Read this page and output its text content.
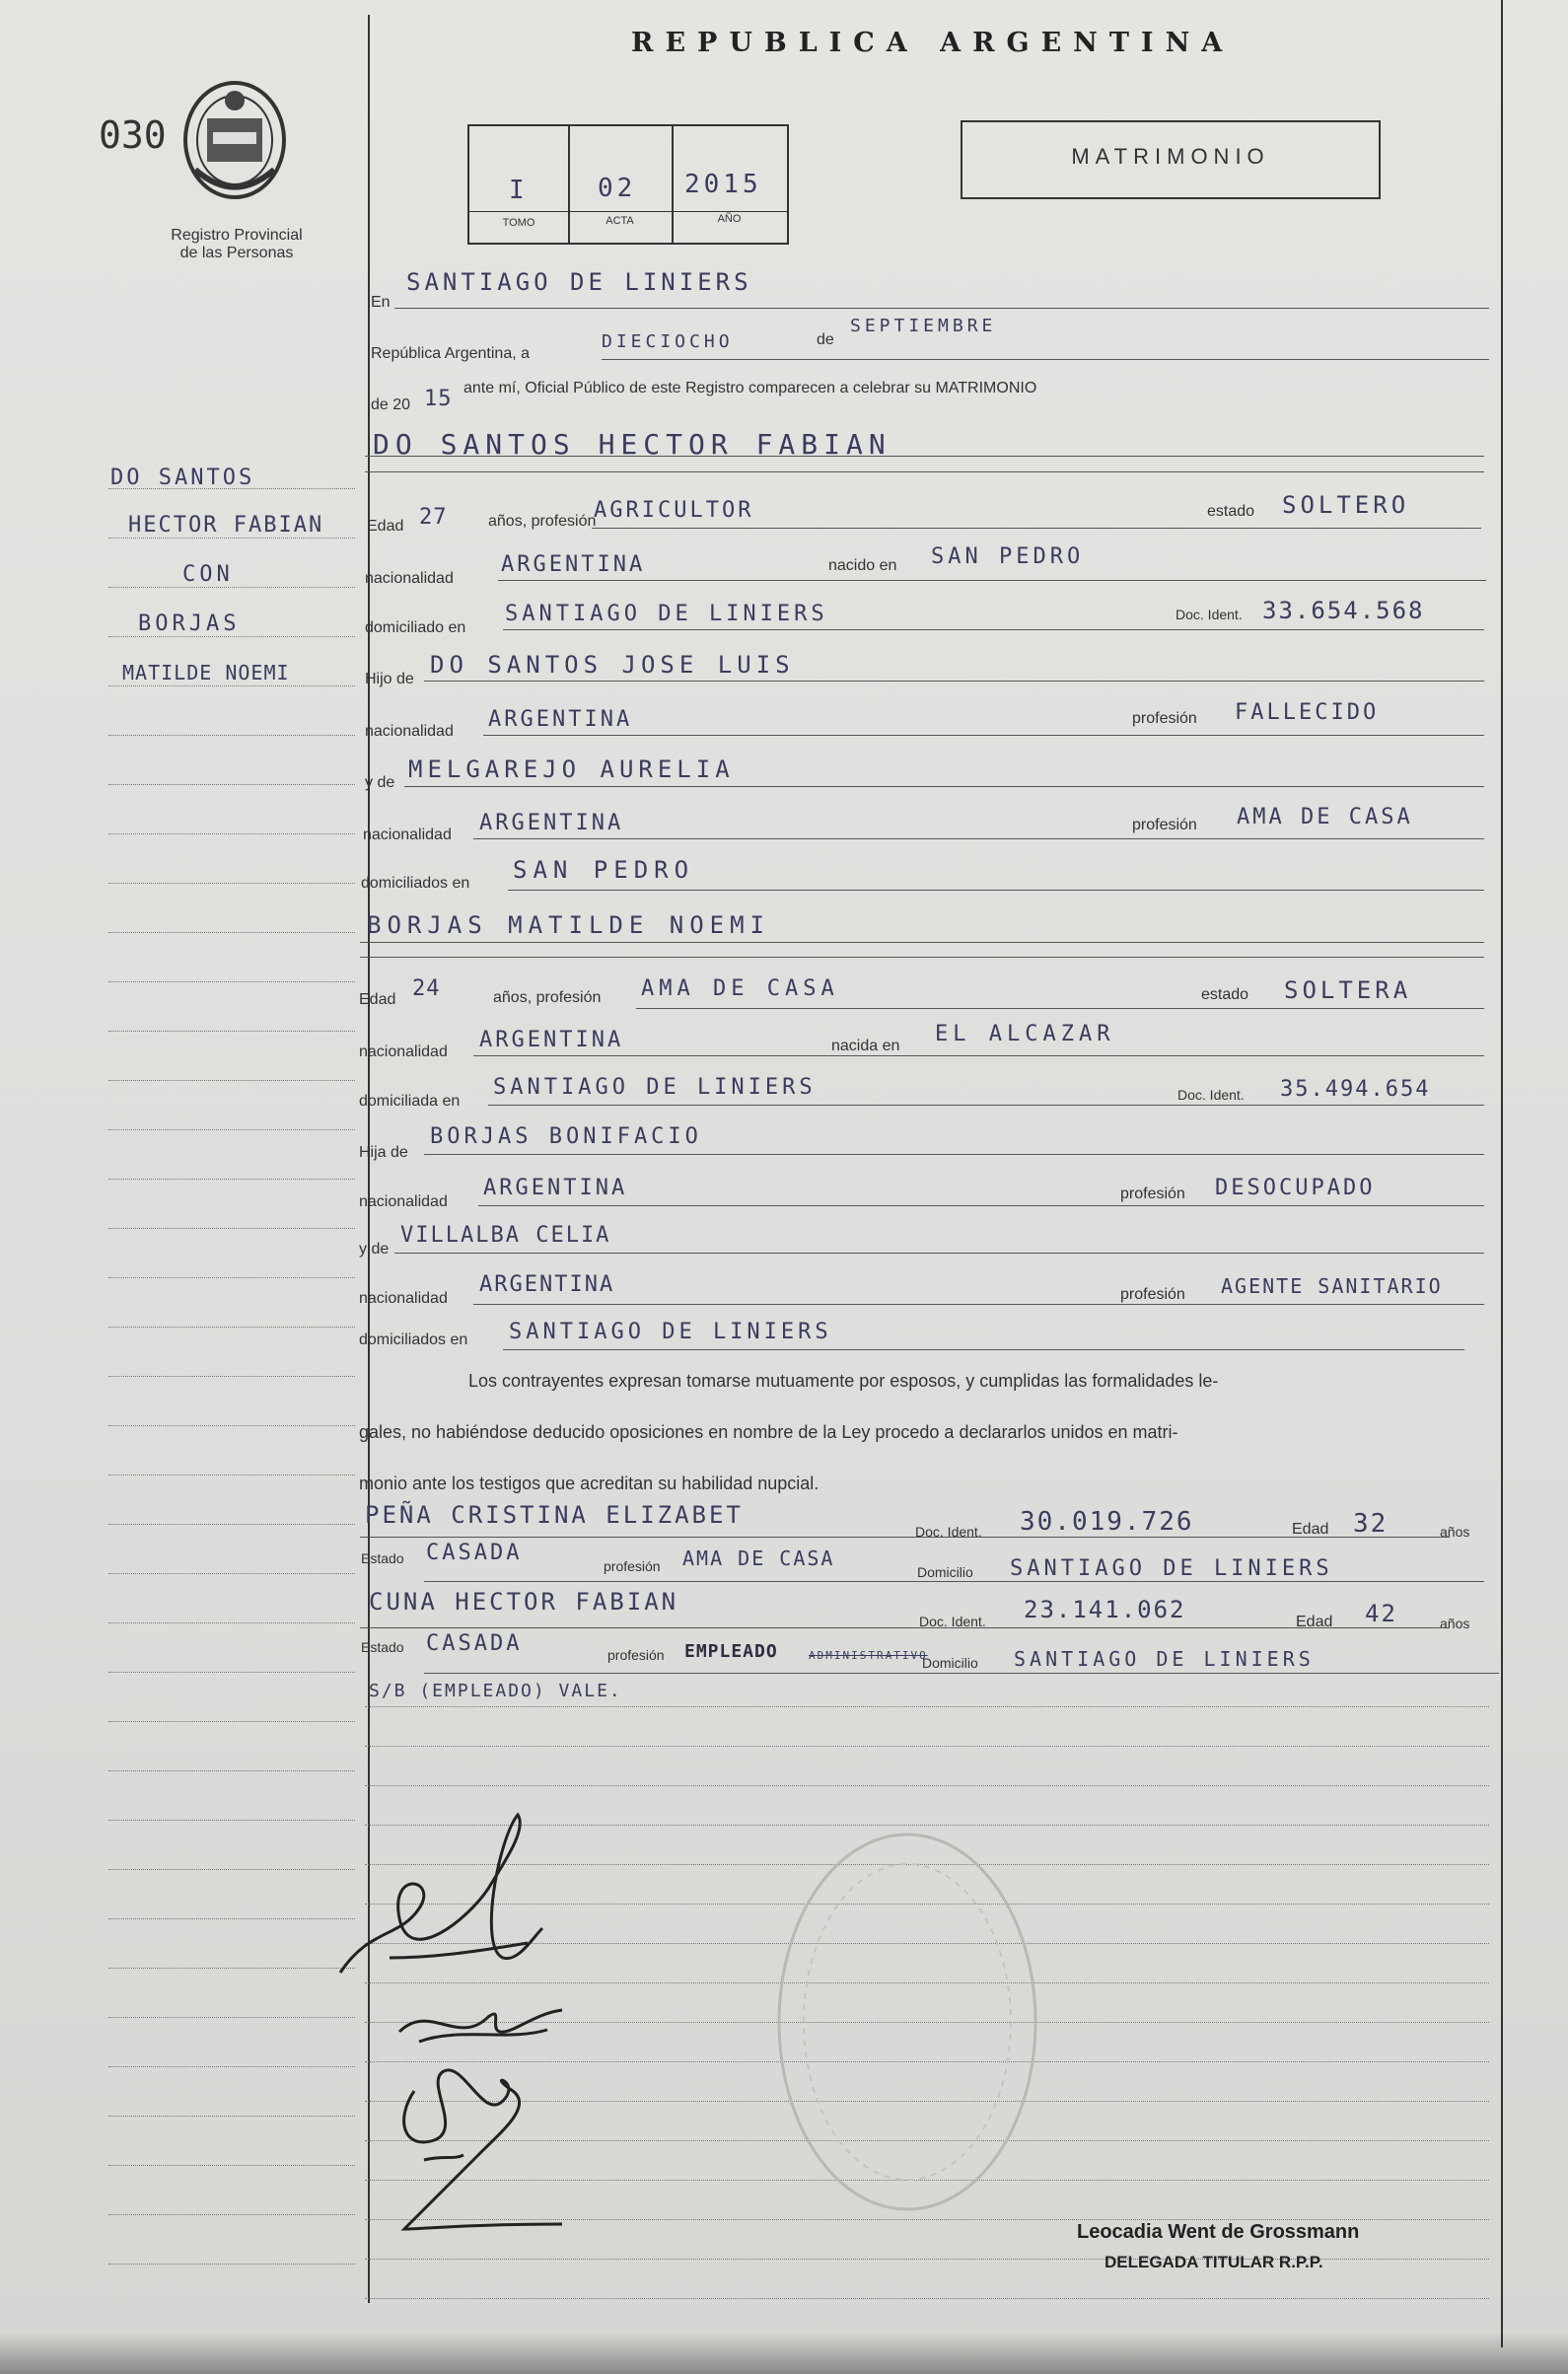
REPUBLICA ARGENTINA
030
Registro Provincial
de las Personas
I	02 2015
TOMO	ACTA	AÑO
MATRIMONIO
DO SANTOS
HECTOR FABIAN
CON
BORJAS
MATILDE NOEMI
En
SANTIAGO DE LINIERS
República Argentina, a
DIECIOCHO	de
SEPTIEMBRE
de 20 15 ante mí, Oficial Público de este Registro comparecen a celebrar su MATRIMONIO
DO SANTOS HECTOR FABIAN
Edad 27	años, profesión
AGRICULTOR	estado SOLTERO
nacionalidad
ARGENTINA	nacido en SAN PEDRO
domiciliado en
SANTIAGO DE LINIERS	Doc. Ident. 33.654.568
Hijo de
DO SANTOS JOSE LUIS
nacionalidad ARGENTINA	profesión FALLECIDO
y de MELGAREJO AURELIA
nacionalidad ARGENTINA	profesión AMA DE CASA
domiciliados en SAN PEDRO
BORJAS MATILDE NOEMI
Edad 24	años, profesión AMA DE CASA	estado SOLTERA
nacionalidad ARGENTINA	nacida en EL ALCAZAR
domiciliada en
SANTIAGO DE LINIERS	Doc. Ident. 35.494.654
Hija de
BORJAS BONIFACIO
nacionalidad
ARGENTINA	profesión DESOCUPADO
y de
VILLALBA CELIA
nacionalidad
ARGENTINA	profesión AGENTE SANITARIO
domiciliados en SANTIAGO DE LINIERS
Los contrayentes expresan tomarse mutuamente por esposos, y cumplidas las formalidades le-
gales, no habiéndose deducido oposiciones en nombre de la Ley procedo a declararlos unidos en matri-
monio ante los testigos que acreditan su habilidad nupcial.
PEÑA CRISTINA ELIZABET
Doc. Ident. 30.019.726	Edad 32	años
Estado CASADA
profesión AMA DE CASA
Domicilio SANTIAGO DE LINIERS
CUNA HECTOR FABIAN
Doc. Ident. 23.141.062	Edad 42	años
Estado CASADA	profesión EMPLEADO	ADMINISTRATIVO
Domicilio SANTIAGO DE LINIERS
S/B (EMPLEADO) VALE.
Leocadia Went de Grossmann
DELEGADA TITULAR R.P.P.
